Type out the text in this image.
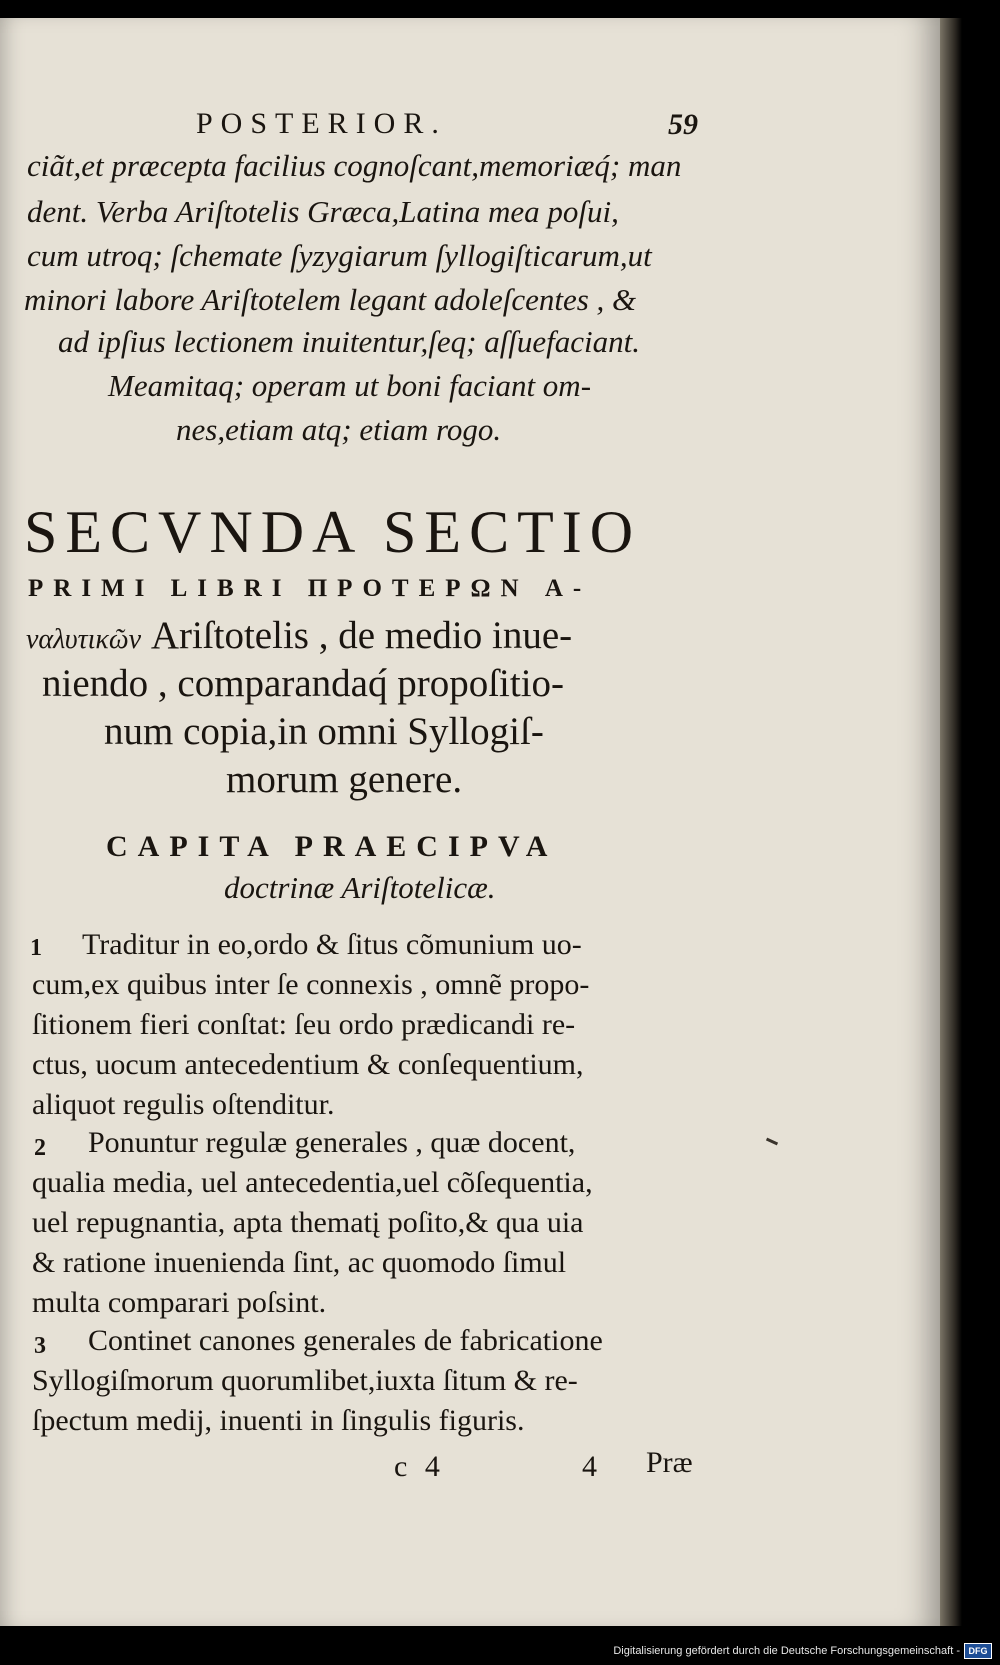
POSTERIOR.	59
ciãt,et præcepta facilius cognoſcant,memoriæq́; man
dent. Verba Ariſtotelis Græca,Latina mea poſui,
cum utroq; ſchemate ſyzygiarum ſyllogiſticarum,ut
minori labore Ariſtotelem legant adoleſcentes , &
ad ipſius lectionem inuitentur,ſeq; aſſuefaciant.
Meamitaq; operam ut boni faciant om-
nes,etiam atq; etiam rogo.
SECVNDA SECTIO
PRIMI LIBRI ΠΡΟΤΕΡΩΝ A-
ναλυτικῶν Ariſtotelis , de medio inue-
niendo , comparandaq́ propoſitio-
num copia,in omni Syllogiſ-
morum genere.
CAPITA PRAECIPVA
doctrinæ Ariſtotelicæ.
1 Traditur in eo,ordo & ſitus cõmunium uo-
cum,ex quibus inter ſe connexis , omnẽ propo-
ſitionem fieri conſtat: ſeu ordo prædicandi re-
ctus, uocum antecedentium & conſequentium,
aliquot regulis oſtenditur.
2 Ponuntur regulæ generales , quæ docent,
qualia media, uel antecedentia,uel cõſequentia,
uel repugnantia, apta thematį poſito,& qua uia
& ratione inuenienda ſint, ac quomodo ſimul
multa comparari poſsint.
3 Continet canones generales de fabricatione
Syllogiſmorum quorumlibet,iuxta ſitum & re-
ſpectum medij, inuenti in ſingulis figuris.
c 4	4 Præ
Digitalisierung gefördert durch die Deutsche Forschungsgemeinschaft - DFG
